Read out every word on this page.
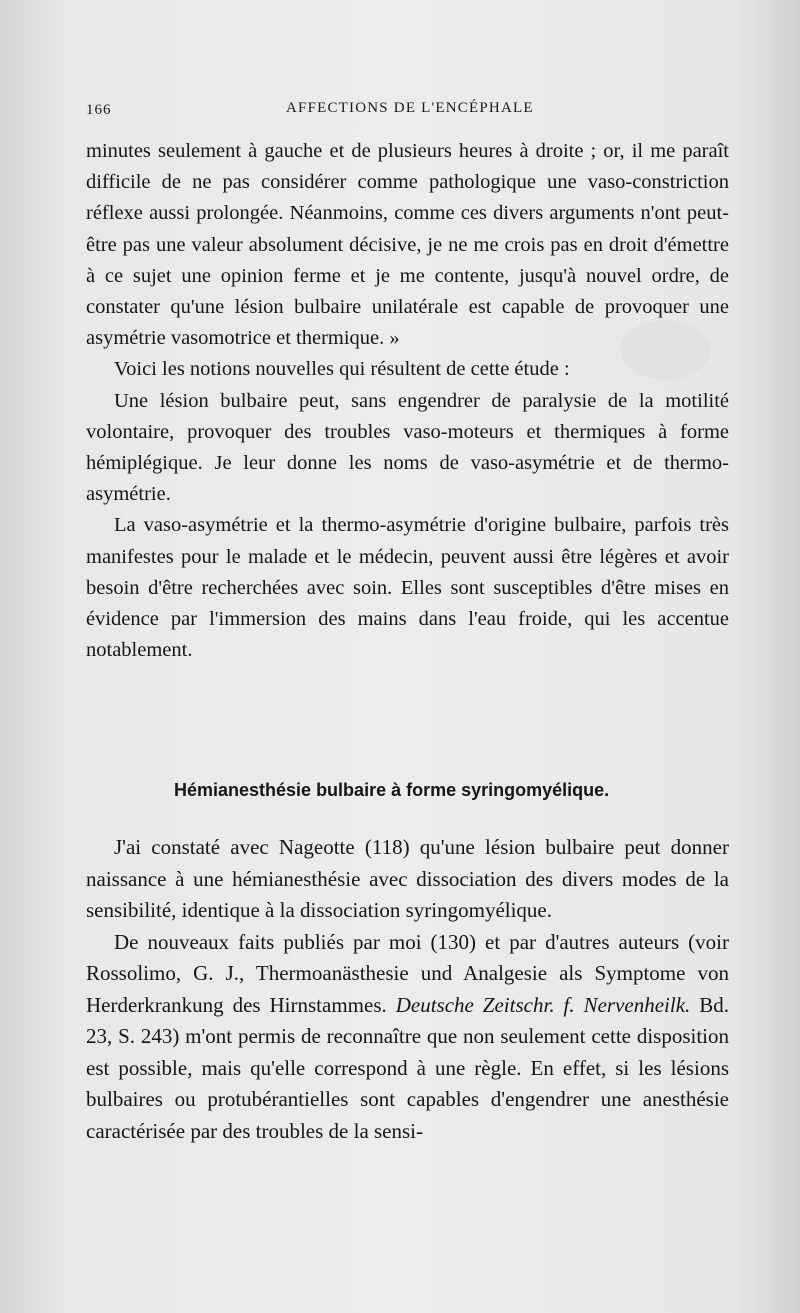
166	AFFECTIONS DE L'ENCÉPHALE

minutes seulement à gauche et de plusieurs heures à droite ; or, il me paraît difficile de ne pas considérer comme pathologique une vaso-constriction réflexe aussi prolongée. Néanmoins, comme ces divers arguments n'ont peut-être pas une valeur absolument décisive, je ne me crois pas en droit d'émettre à ce sujet une opinion ferme et je me contente, jusqu'à nouvel ordre, de constater qu'une lésion bulbaire unilatérale est capable de provoquer une asymétrie vasomotrice et thermique. »

Voici les notions nouvelles qui résultent de cette étude :

Une lésion bulbaire peut, sans engendrer de paralysie de la motilité volontaire, provoquer des troubles vaso-moteurs et thermiques à forme hémiplégique. Je leur donne les noms de vaso-asymétrie et de thermo-asymétrie.

La vaso-asymétrie et la thermo-asymétrie d'origine bulbaire, parfois très manifestes pour le malade et le médecin, peuvent aussi être légères et avoir besoin d'être recherchées avec soin. Elles sont susceptibles d'être mises en évidence par l'immersion des mains dans l'eau froide, qui les accentue notablement.

Hémianesthésie bulbaire à forme syringomyélique.

J'ai constaté avec Nageotte (118) qu'une lésion bulbaire peut donner naissance à une hémianesthésie avec dissociation des divers modes de la sensibilité, identique à la dissociation syringomyélique.

De nouveaux faits publiés par moi (130) et par d'autres auteurs (voir Rossolimo, G. J., Thermoanästhesie und Analgesie als Symptome von Herderkrankung des Hirnstammes. Deutsche Zeitschr. f. Nervenheilk. Bd. 23, S. 243) m'ont permis de reconnaître que non seulement cette disposition est possible, mais qu'elle correspond à une règle. En effet, si les lésions bulbaires ou protubérantielles sont capables d'engendrer une anesthésie caractérisée par des troubles de la sensi-
